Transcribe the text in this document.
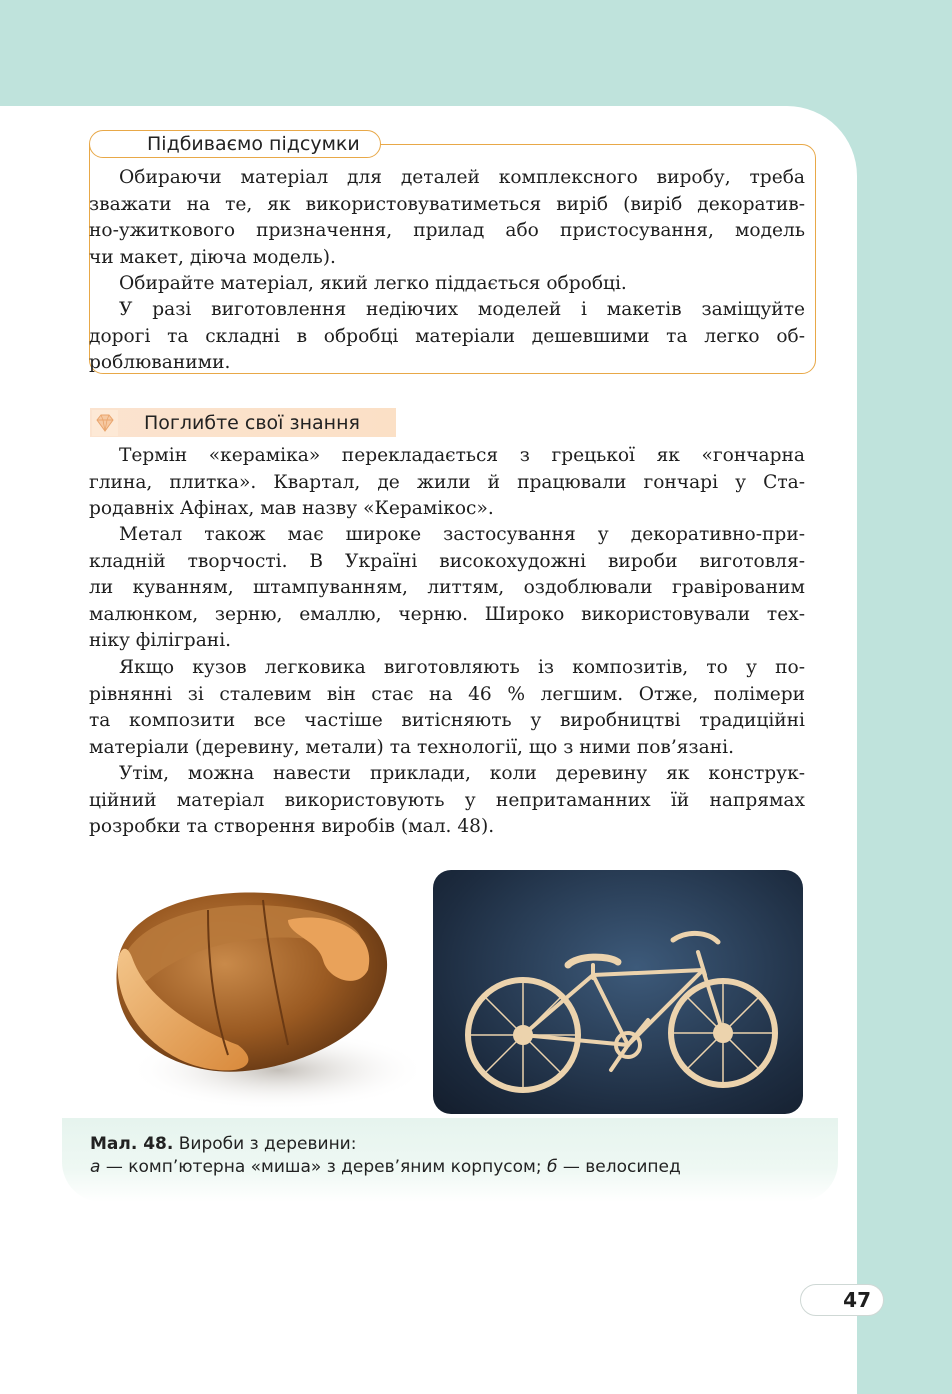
Підбиваємо підсумки
Обираючи матеріал для деталей комплексного виробу, треба
зважати на те, як використовуватиметься виріб (виріб декоратив-
но-ужиткового призначення, прилад або пристосування, модель
чи макет, діюча модель).
Обирайте матеріал, який легко піддається обробці.
У разі виготовлення недіючих моделей і макетів заміщуйте
дорогі та складні в обробці матеріали дешевшими та легко об-
роблюваними.
Поглибте свої знання
Термін «кераміка» перекладається з грецької як «гончарна
глина, плитка». Квартал, де жили й працювали гончарі у Ста-
родавніх Афінах, мав назву «Керамікос».
Метал також має широке застосування у декоративно-при-
кладній творчості. В Україні високохудожні вироби виготовля-
ли куванням, штампуванням, литтям, оздоблювали гравірованим
малюнком, зерню, емаллю, черню. Широко використовували тех-
ніку філіграні.
Якщо кузов легковика виготовляють із композитів, то у по-
рівнянні зі сталевим він стає на 46 % легшим. Отже, полімери
та композити все частіше витісняють у виробництві традиційні
матеріали (деревину, метали) та технології, що з ними пов’язані.
Утім, можна навести приклади, коли деревину як конструк-
ційний матеріал використовують у непритаманних їй напрямах
розробки та створення виробів (мал. 48).
Мал. 48. Вироби з деревини:
а — комп’ютерна «миша» з дерев’яним корпусом; б — велосипед
47
